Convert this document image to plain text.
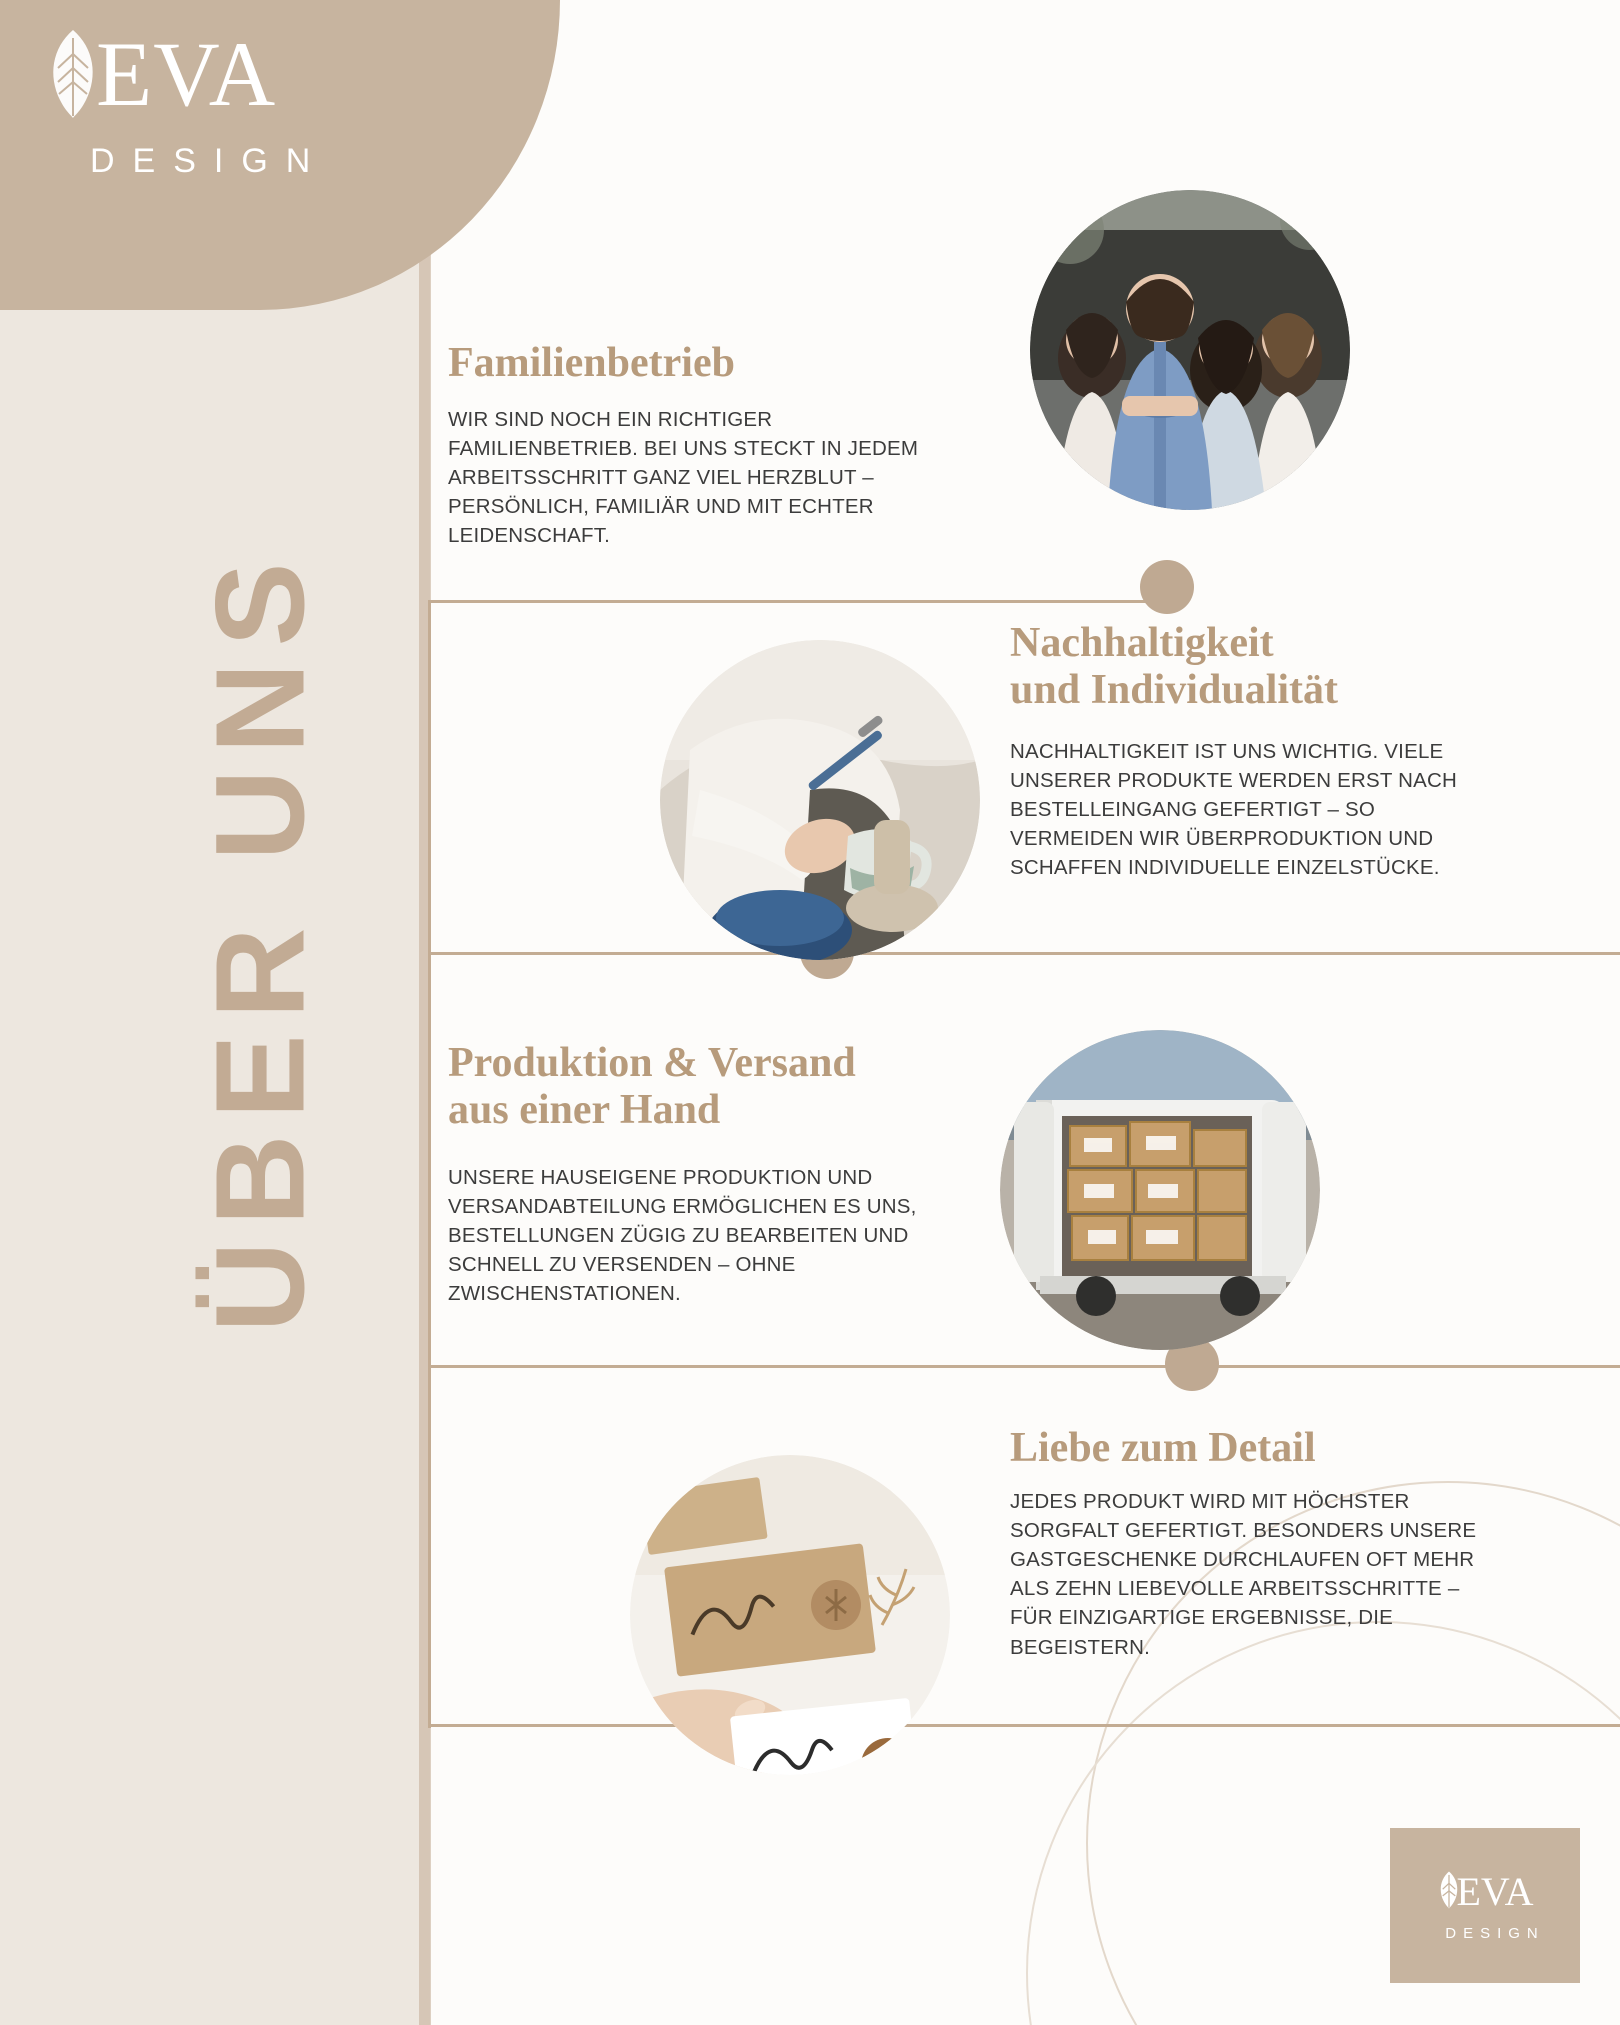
EVA
DESIGN
ÜBER UNS
Familienbetrieb
WIR SIND NOCH EIN RICHTIGER FAMILIENBETRIEB. BEI UNS STECKT IN JEDEM ARBEITSSCHRITT GANZ VIEL HERZBLUT – PERSÖNLICH, FAMILIÄR UND MIT ECHTER LEIDENSCHAFT.
Nachhaltigkeit
und Individualität
NACHHALTIGKEIT IST UNS WICHTIG. VIELE UNSERER PRODUKTE WERDEN ERST NACH BESTELLEINGANG GEFERTIGT – SO VERMEIDEN WIR ÜBERPRODUKTION UND SCHAFFEN INDIVIDUELLE EINZELSTÜCKE.
Produktion & Versand
aus einer Hand
UNSERE HAUSEIGENE PRODUKTION UND VERSANDABTEILUNG ERMÖGLICHEN ES UNS, BESTELLUNGEN ZÜGIG ZU BEARBEITEN UND SCHNELL ZU VERSENDEN – OHNE ZWISCHENSTATIONEN.
Liebe zum Detail
JEDES PRODUKT WIRD MIT HÖCHSTER SORGFALT GEFERTIGT. BESONDERS UNSERE GASTGESCHENKE DURCHLAUFEN OFT MEHR ALS ZEHN LIEBEVOLLE ARBEITSSCHRITTE – FÜR EINZIGARTIGE ERGEBNISSE, DIE BEGEISTERN.
EVA
DESIGN
